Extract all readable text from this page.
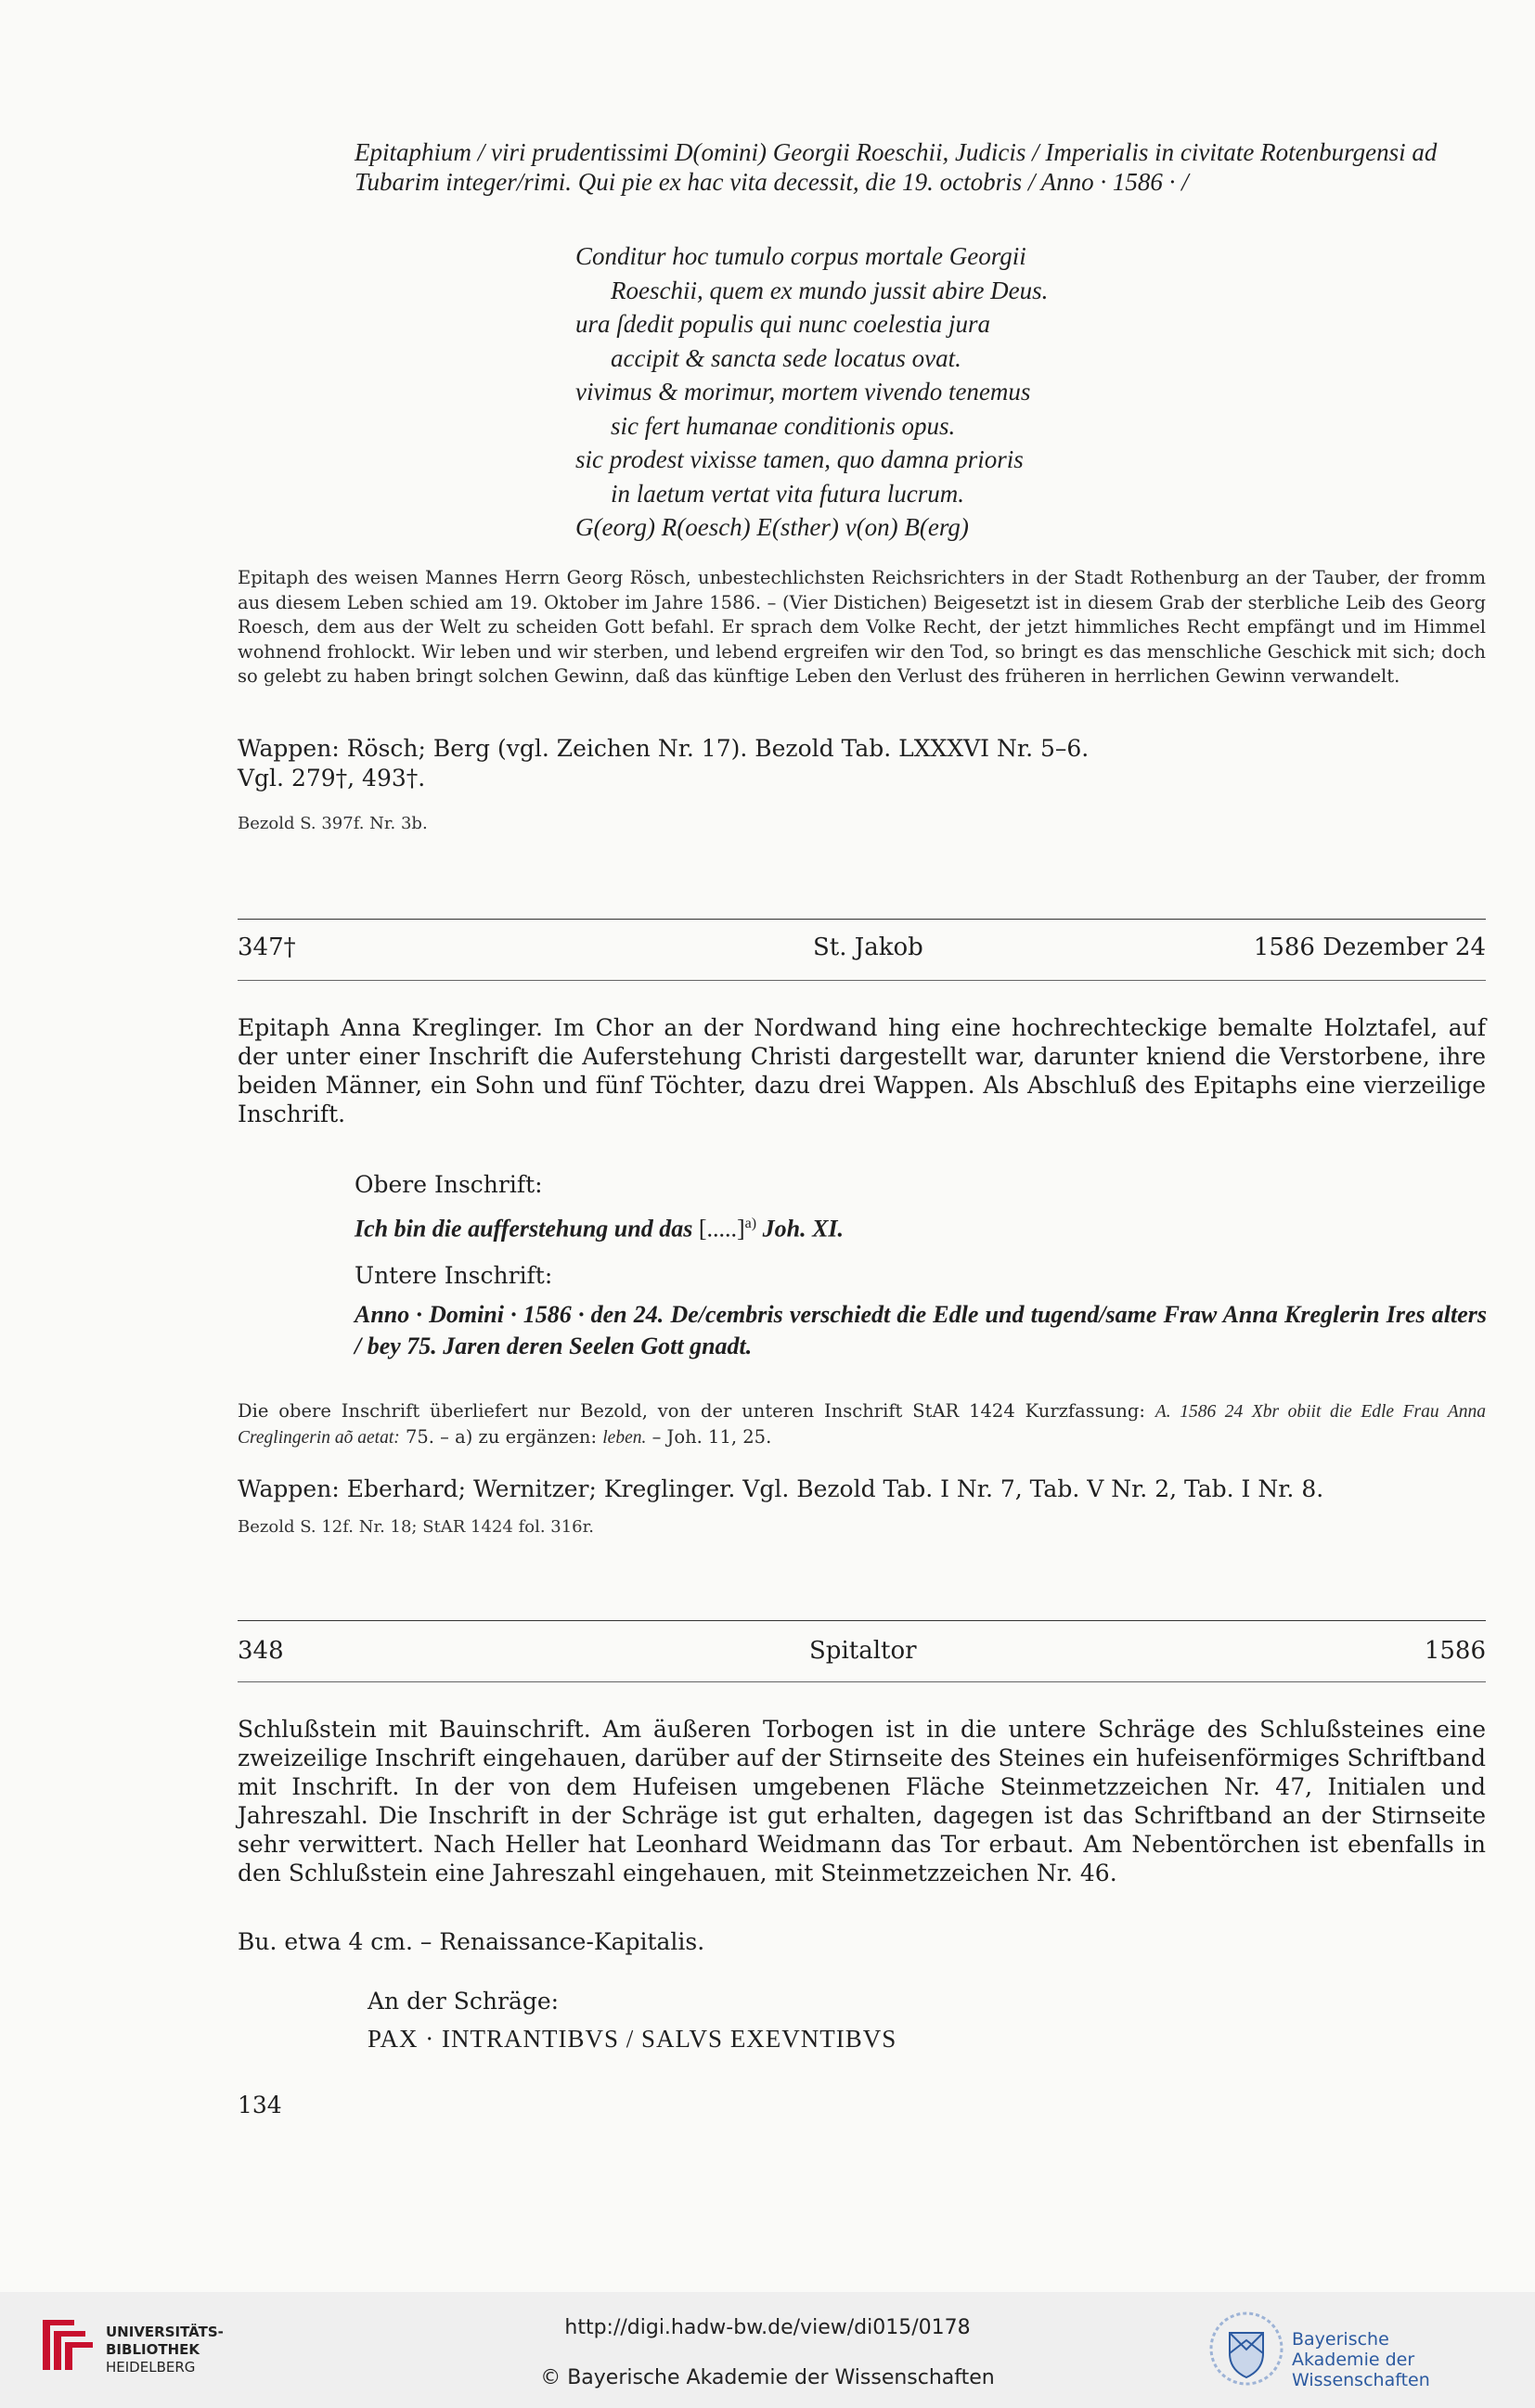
Epitaphium / viri prudentissimi D(omini) Georgii Roeschii, Judicis / Imperialis in civitate Rotenburgensi ad Tubarim integer/rimi. Qui pie ex hac vita decessit, die 19. octobris / Anno · 1586 · /
Conditur hoc tumulo corpus mortale Georgii
Roeschii, quem ex mundo jussit abire Deus.
ura ſdedit populis qui nunc coelestia jura
accipit & sancta sede locatus ovat.
vivimus & morimur, mortem vivendo tenemus
sic fert humanae conditionis opus.
sic prodest vixisse tamen, quo damna prioris
in laetum vertat vita futura lucrum.
G(eorg) R(oesch) E(sther) v(on) B(erg)
Epitaph des weisen Mannes Herrn Georg Rösch, unbestechlichsten Reichsrichters in der Stadt Rothenburg an der Tauber, der fromm aus diesem Leben schied am 19. Oktober im Jahre 1586. – (Vier Distichen) Beigesetzt ist in diesem Grab der sterbliche Leib des Georg Roesch, dem aus der Welt zu scheiden Gott befahl. Er sprach dem Volke Recht, der jetzt himmliches Recht empfängt und im Himmel wohnend frohlockt. Wir leben und wir sterben, und lebend ergreifen wir den Tod, so bringt es das menschliche Geschick mit sich; doch so gelebt zu haben bringt solchen Gewinn, daß das künftige Leben den Verlust des früheren in herrlichen Gewinn verwandelt.
Wappen: Rösch; Berg (vgl. Zeichen Nr. 17). Bezold Tab. LXXXVI Nr. 5–6.
Vgl. 279†, 493†.
Bezold S. 397f. Nr. 3b.
347†	St. Jakob	1586 Dezember 24
Epitaph Anna Kreglinger. Im Chor an der Nordwand hing eine hochrechteckige bemalte Holztafel, auf der unter einer Inschrift die Auferstehung Christi dargestellt war, darunter kniend die Verstorbene, ihre beiden Männer, ein Sohn und fünf Töchter, dazu drei Wappen. Als Abschluß des Epitaphs eine vierzeilige Inschrift.
Obere Inschrift:
Ich bin die aufferstehung und das [.....]$^{a)}$ Joh. XI.
Untere Inschrift:
Anno · Domini · 1586 · den 24. De/cembris verschiedt die Edle und tugend/same Fraw Anna Kreglerin Ires alters / bey 75. Jaren deren Seelen Gott gnadt.
Die obere Inschrift überliefert nur Bezold, von der unteren Inschrift StAR 1424 Kurzfassung: A. 1586 24 Xbr obiit die Edle Frau Anna Creglingerin aõ aetat: 75. – a) zu ergänzen: leben. – Joh. 11, 25.
Wappen: Eberhard; Wernitzer; Kreglinger. Vgl. Bezold Tab. I Nr. 7, Tab. V Nr. 2, Tab. I Nr. 8.
Bezold S. 12f. Nr. 18; StAR 1424 fol. 316r.
348	Spitaltor	1586
Schlußstein mit Bauinschrift. Am äußeren Torbogen ist in die untere Schräge des Schlußsteines eine zweizeilige Inschrift eingehauen, darüber auf der Stirnseite des Steines ein hufeisenförmiges Schriftband mit Inschrift. In der von dem Hufeisen umgebenen Fläche Steinmetzzeichen Nr. 47, Initialen und Jahreszahl. Die Inschrift in der Schräge ist gut erhalten, dagegen ist das Schriftband an der Stirnseite sehr verwittert. Nach Heller hat Leonhard Weidmann das Tor erbaut. Am Nebentörchen ist ebenfalls in den Schlußstein eine Jahreszahl eingehauen, mit Steinmetzzeichen Nr. 46.
Bu. etwa 4 cm. – Renaissance-Kapitalis.
An der Schräge:
PAX · INTRANTIBVS / SALVS EXEVNTIBVS
134
UNIVERSITÄTS-
BIBLIOTHEK
HEIDELBERG
http://digi.hadw-bw.de/view/di015/0178
© Bayerische Akademie der Wissenschaften
Bayerische
Akademie der Wissenschaften
